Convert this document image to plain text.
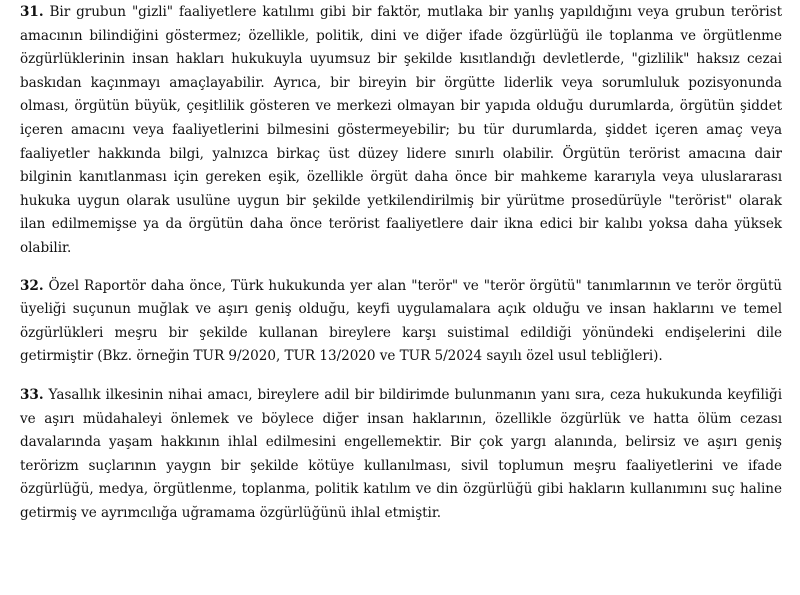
31. Bir grubun "gizli" faaliyetlere katılımı gibi bir faktör, mutlaka bir yanlış yapıldığını veya grubun terörist amacının bilindiğini göstermez; özellikle, politik, dini ve diğer ifade özgürlüğü ile toplanma ve örgütlenme özgürlüklerinin insan hakları hukukuyla uyumsuz bir şekilde kısıtlandığı devletlerde, "gizlilik" haksız cezai baskıdan kaçınmayı amaçlayabilir. Ayrıca, bir bireyin bir örgütte liderlik veya sorumluluk pozisyonunda olması, örgütün büyük, çeşitlilik gösteren ve merkezi olmayan bir yapıda olduğu durumlarda, örgütün şiddet içeren amacını veya faaliyetlerini bilmesini göstermeyebilir; bu tür durumlarda, şiddet içeren amaç veya faaliyetler hakkında bilgi, yalnızca birkaç üst düzey lidere sınırlı olabilir. Örgütün terörist amacına dair bilginin kanıtlanması için gereken eşik, özellikle örgüt daha önce bir mahkeme kararıyla veya uluslararası hukuka uygun olarak usulüne uygun bir şekilde yetkilendirilmiş bir yürütme prosedürüyle "terörist" olarak ilan edilmemişse ya da örgütün daha önce terörist faaliyetlere dair ikna edici bir kalıbı yoksa daha yüksek olabilir.

32. Özel Raportör daha önce, Türk hukukunda yer alan "terör" ve "terör örgütü" tanımlarının ve terör örgütü üyeliği suçunun muğlak ve aşırı geniş olduğu, keyfi uygulamalara açık olduğu ve insan haklarını ve temel özgürlükleri meşru bir şekilde kullanan bireylere karşı suistimal edildiği yönündeki endişelerini dile getirmiştir (Bkz. örneğin TUR 9/2020, TUR 13/2020 ve TUR 5/2024 sayılı özel usul tebliğleri).

33. Yasallık ilkesinin nihai amacı, bireylere adil bir bildirimde bulunmanın yanı sıra, ceza hukukunda keyfiliği ve aşırı müdahaleyi önlemek ve böylece diğer insan haklarının, özellikle özgürlük ve hatta ölüm cezası davalarında yaşam hakkının ihlal edilmesini engellemektir. Bir çok yargı alanında, belirsiz ve aşırı geniş terörizm suçlarının yaygın bir şekilde kötüye kullanılması, sivil toplumun meşru faaliyetlerini ve ifade özgürlüğü, medya, örgütlenme, toplanma, politik katılım ve din özgürlüğü gibi hakların kullanımını suç haline getirmiş ve ayrımcılığa uğramama özgürlüğünü ihlal etmiştir.
